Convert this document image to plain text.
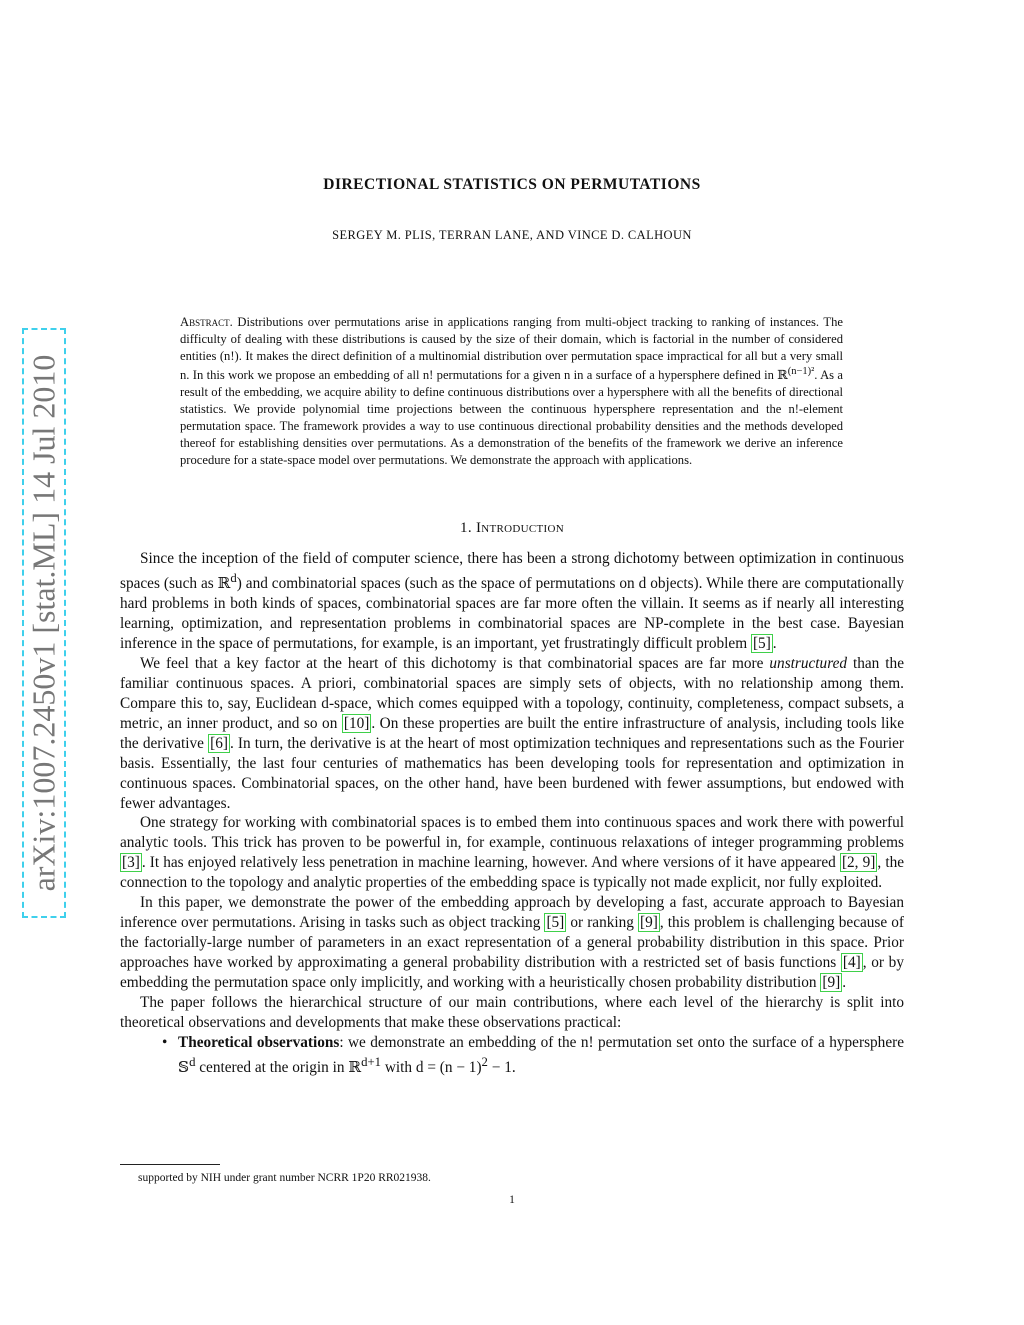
arXiv:1007.2450v1 [stat.ML] 14 Jul 2010
DIRECTIONAL STATISTICS ON PERMUTATIONS
SERGEY M. PLIS, TERRAN LANE, AND VINCE D. CALHOUN
Abstract. Distributions over permutations arise in applications ranging from multi-object tracking to ranking of instances. The difficulty of dealing with these distributions is caused by the size of their domain, which is factorial in the number of considered entities (n!). It makes the direct definition of a multinomial distribution over permutation space impractical for all but a very small n. In this work we propose an embedding of all n! permutations for a given n in a surface of a hypersphere defined in ℝ$^{(n-1)^2}$. As a result of the embedding, we acquire ability to define continuous distributions over a hypersphere with all the benefits of directional statistics. We provide polynomial time projections between the continuous hypersphere representation and the n!-element permutation space. The framework provides a way to use continuous directional probability densities and the methods developed thereof for establishing densities over permutations. As a demonstration of the benefits of the framework we derive an inference procedure for a state-space model over permutations. We demonstrate the approach with applications.
1. Introduction

Since the inception of the field of computer science, there has been a strong dichotomy between optimization in continuous spaces (such as ℝ$^d$) and combinatorial spaces (such as the space of permutations on d objects). While there are computationally hard problems in both kinds of spaces, combinatorial spaces are far more often the villain. It seems as if nearly all interesting learning, optimization, and representation problems in combinatorial spaces are NP-complete in the best case. Bayesian inference in the space of permutations, for example, is an important, yet frustratingly difficult problem [5] .

We feel that a key factor at the heart of this dichotomy is that combinatorial spaces are far more unstructured than the familiar continuous spaces. A priori, combinatorial spaces are simply sets of objects, with no relationship among them. Compare this to, say, Euclidean d-space, which comes equipped with a topology, continuity, completeness, compact subsets, a metric, an inner product, and so on [10] . On these properties are built the entire infrastructure of analysis, including tools like the derivative [6] . In turn, the derivative is at the heart of most optimization techniques and representations such as the Fourier basis. Essentially, the last four centuries of mathematics has been developing tools for representation and optimization in continuous spaces. Combinatorial spaces, on the other hand, have been burdened with fewer assumptions, but endowed with fewer advantages.

One strategy for working with combinatorial spaces is to embed them into continuous spaces and work there with powerful analytic tools. This trick has proven to be powerful in, for example, continuous relaxations of integer programming problems [3] . It has enjoyed relatively less penetration in machine learning, however. And where versions of it have appeared [2, 9] , the connection to the topology and analytic properties of the embedding space is typically not made explicit, nor fully exploited.

In this paper, we demonstrate the power of the embedding approach by developing a fast, accurate approach to Bayesian inference over permutations. Arising in tasks such as object tracking [5] or ranking [9] , this problem is challenging because of the factorially-large number of parameters in an exact representation of a general probability distribution in this space. Prior approaches have worked by approximating a general probability distribution with a restricted set of basis functions [4] , or by embedding the permutation space only implicitly, and working with a heuristically chosen probability distribution [9] .

The paper follows the hierarchical structure of our main contributions, where each level of the hierarchy is split into theoretical observations and developments that make these observations practical:

• Theoretical observations: we demonstrate an embedding of the n! permutation set onto the surface of a hypersphere 𝕊$^d$ centered at the origin in ℝ$^{d+1}$ with $d = (n - 1)^2 - 1$.
supported by NIH under grant number NCRR 1P20 RR021938.
1
